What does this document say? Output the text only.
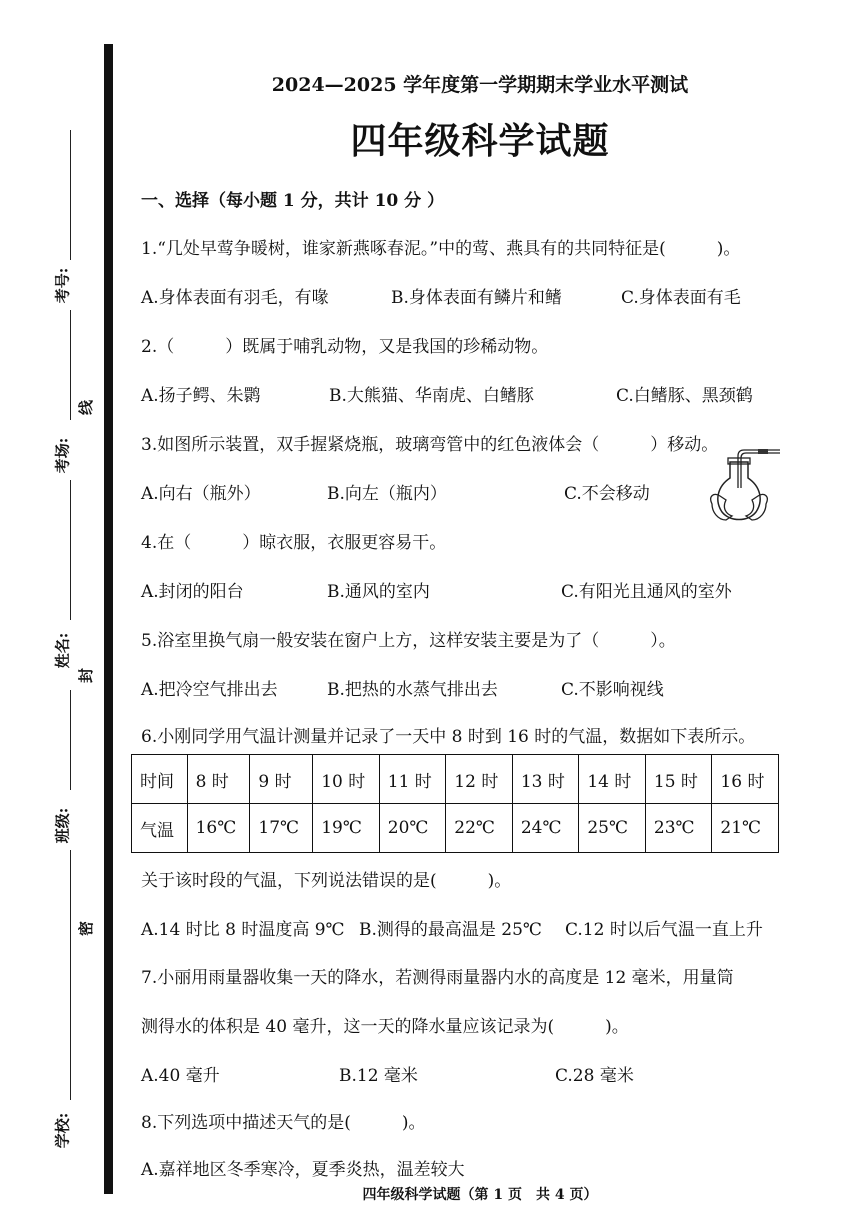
考号:
考场:
姓名:
班级:
学校:
线
封
密
2024—2025 学年度第一学期期末学业水平测试
四年级科学试题
一、选择（每小题 1 分，共计 10 分 ）
1.“几处早莺争暖树，谁家新燕啄春泥。”中的莺、燕具有的共同特征是(　　　)。
A.身体表面有羽毛，有喙	B.身体表面有鳞片和鳍	C.身体表面有毛
2.（　　　）既属于哺乳动物，又是我国的珍稀动物。
A.扬子鳄、朱鹮	B.大熊猫、华南虎、白鳍豚	C.白鳍豚、黑颈鹤
3.如图所示装置，双手握紧烧瓶，玻璃弯管中的红色液体会（　　　）移动。
A.向右（瓶外）	B.向左（瓶内）	C.不会移动
4.在（　　　）晾衣服，衣服更容易干。
A.封闭的阳台	B.通风的室内	C.有阳光且通风的室外
5.浴室里换气扇一般安装在窗户上方，这样安装主要是为了（　　　）。
A.把冷空气排出去	B.把热的水蒸气排出去	C.不影响视线
6.小刚同学用气温计测量并记录了一天中 8 时到 16 时的气温，数据如下表所示。
时间	8 时	9 时	10 时	11 时	12 时	13 时	14 时	15 时	16 时
气温	16℃	17℃	19℃	20℃	22℃	24℃	25℃	23℃	21℃
关于该时段的气温，下列说法错误的是(　　　)。
A.14 时比 8 时温度高 9℃ B.测得的最高温是 25℃ C.12 时以后气温一直上升
7.小丽用雨量器收集一天的降水，若测得雨量器内水的高度是 12 毫米，用量筒
测得水的体积是 40 毫升，这一天的降水量应该记录为(　　　)。
A.40 毫升	B.12 毫米	C.28 毫米
8.下列选项中描述天气的是(　　　)。
A.嘉祥地区冬季寒冷，夏季炎热，温差较大
四年级科学试题（第 1 页　共 4 页）
